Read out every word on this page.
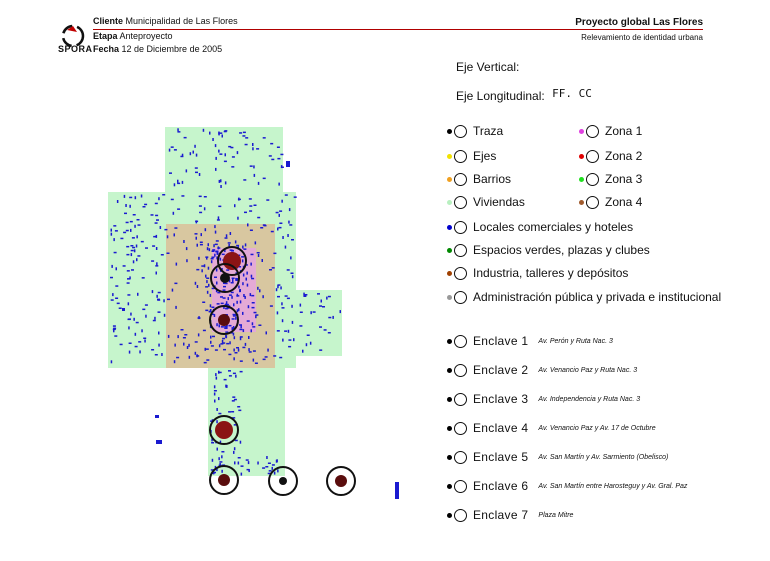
SPORA
Cliente Municipalidad de Las Flores
Etapa Anteproyecto
Fecha 12 de Diciembre de 2005
Proyecto global Las Flores
Relevamiento de identidad urbana
Eje Vertical:
Eje Longitudinal: FF. CC
Traza
Ejes
Barrios
Viviendas
Zona 1
Zona 2
Zona 3
Zona 4
Locales comerciales y hoteles
Espacios verdes, plazas y clubes
Industria, talleres y depósitos
Administración pública y privada e institucional
Enclave 1 Av. Perón y Ruta Nac. 3
Enclave 2 Av. Venancio Paz y Ruta Nac. 3
Enclave 3 Av. Independencia y Ruta Nac. 3
Enclave 4 Av. Venancio Paz y Av. 17 de Octubre
Enclave 5 Av. San Martín y Av. Sarmiento (Obelisco)
Enclave 6 Av. San Martín entre Harosteguy y Av. Gral. Paz
Enclave 7 Plaza Mitre
